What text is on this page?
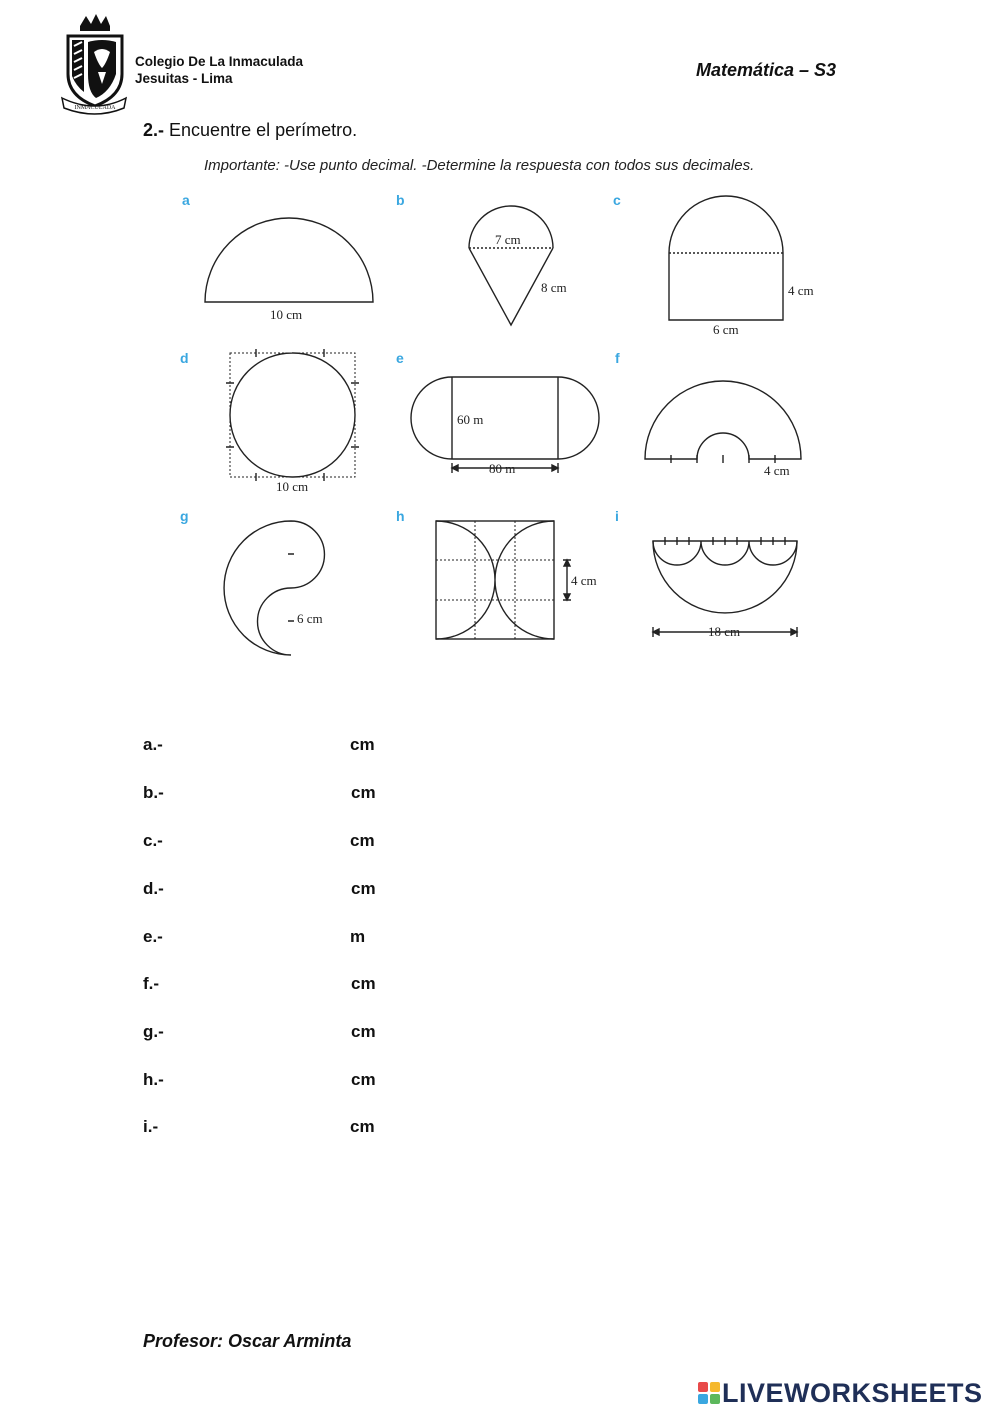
INMACULADA
Colegio De La Inmaculada
Jesuitas - Lima	Matemática – S3
2.- Encuentre el perímetro.
Importante: -Use punto decimal. -Determine la respuesta con todos sus decimales.
a	b	c
d	e	f
g	h	i
10 cm
7 cm
8 cm	4 cm
6 cm
10 cm
60 m
80 m	4 cm
6 cm
4 cm
18 cm
a.-	cm
b.-	cm
c.-	cm
d.-	cm
e.-	m
f.-	cm
g.-	cm
h.-	cm
i.-	cm
Profesor: Oscar Arminta
LIVEWORKSHEETS
